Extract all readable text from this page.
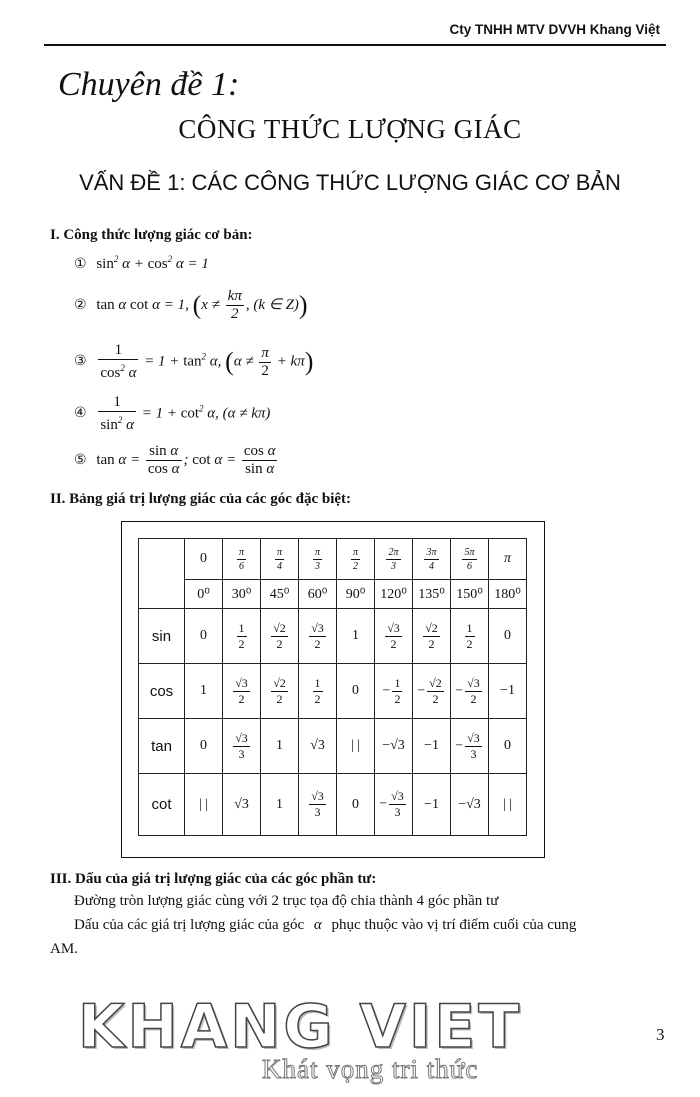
Cty TNHH MTV DVVH Khang Việt
Chuyên đề 1:
CÔNG THỨC LƯỢNG GIÁC
VẤN ĐỀ 1: CÁC CÔNG THỨC LƯỢNG GIÁC CƠ BẢN
I. Công thức lượng giác cơ bản:
① $\sin^2 \alpha + \cos^2 \alpha = 1$
② tan α cot α = 1, ($x \ne \frac{k\pi}{2}$ , (k ∈ Z))
③ $\frac{1}{\cos^2 \alpha} = 1 + \tan^2 \alpha$, $(\alpha \ne \frac{\pi}{2} + k\pi)$
④ $\frac{1}{\sin^2 \alpha} = 1 + \cot^2 \alpha$, (α ≠ kπ)
⑤ $\tan \alpha = \frac{\text{sin α}}{\text{cos α}}$ ; $\cot \alpha = \frac{\text{cos α}}{\text{sin α}}$
II. Bảng giá trị lượng giác của các góc đặc biệt:
	0	$\frac{\pi}{6}$	$\frac{\pi}{4}$	$\frac{\pi}{3}$	$\frac{\pi}{2}$	$\frac{2\pi}{3}$	$\frac{3\pi}{4}$	$\frac{5\pi}{6}$	π
	0⁰	30⁰	45⁰	60⁰	90⁰	120⁰	135⁰	150⁰	180⁰
sin	0	$\frac{1}{2}$	$\frac{√2}{2}$	$\frac{√3}{2}$	1	$\frac{√3}{2}$	$\frac{√2}{2}$	$\frac{1}{2}$	0
cos	1	$\frac{√3}{2}$	$\frac{√2}{2}$	$\frac{1}{2}$	0	− $\frac{1}{2}$	− $\frac{√2}{2}$	− $\frac{√3}{2}$	−1
tan	0	$\frac{√3}{3}$	1	√3	| |	−√3	−1	− $\frac{√3}{3}$	0
cot	| |	√3	1	$\frac{√3}{3}$	0	− $\frac{√3}{3}$	−1	−√3	| |
III. Dấu của giá trị lượng giác của các góc phần tư:
Đường tròn lượng giác cùng với 2 trục tọa độ chia thành 4 góc phần tư
Dấu của các giá trị lượng giác của góc α phục thuộc vào vị trí điểm cuối của cung
AM.
KHANG VIET
Khát vọng tri thức
3
